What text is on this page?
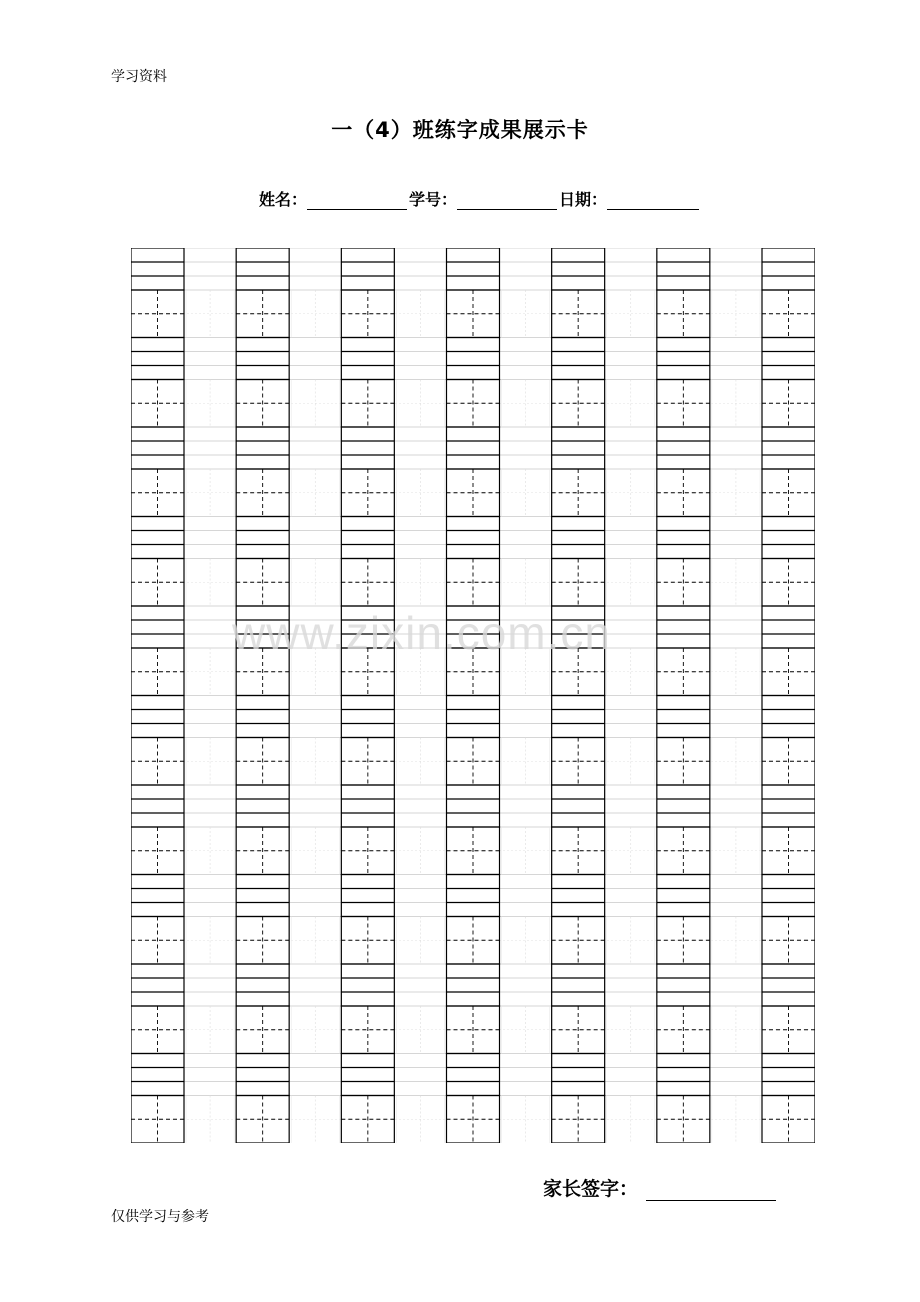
学习资料
一（4）班练字成果展示卡
姓名：	学号：	日期：
www.zixin.com.cn
家长签字：
仅供学习与参考
